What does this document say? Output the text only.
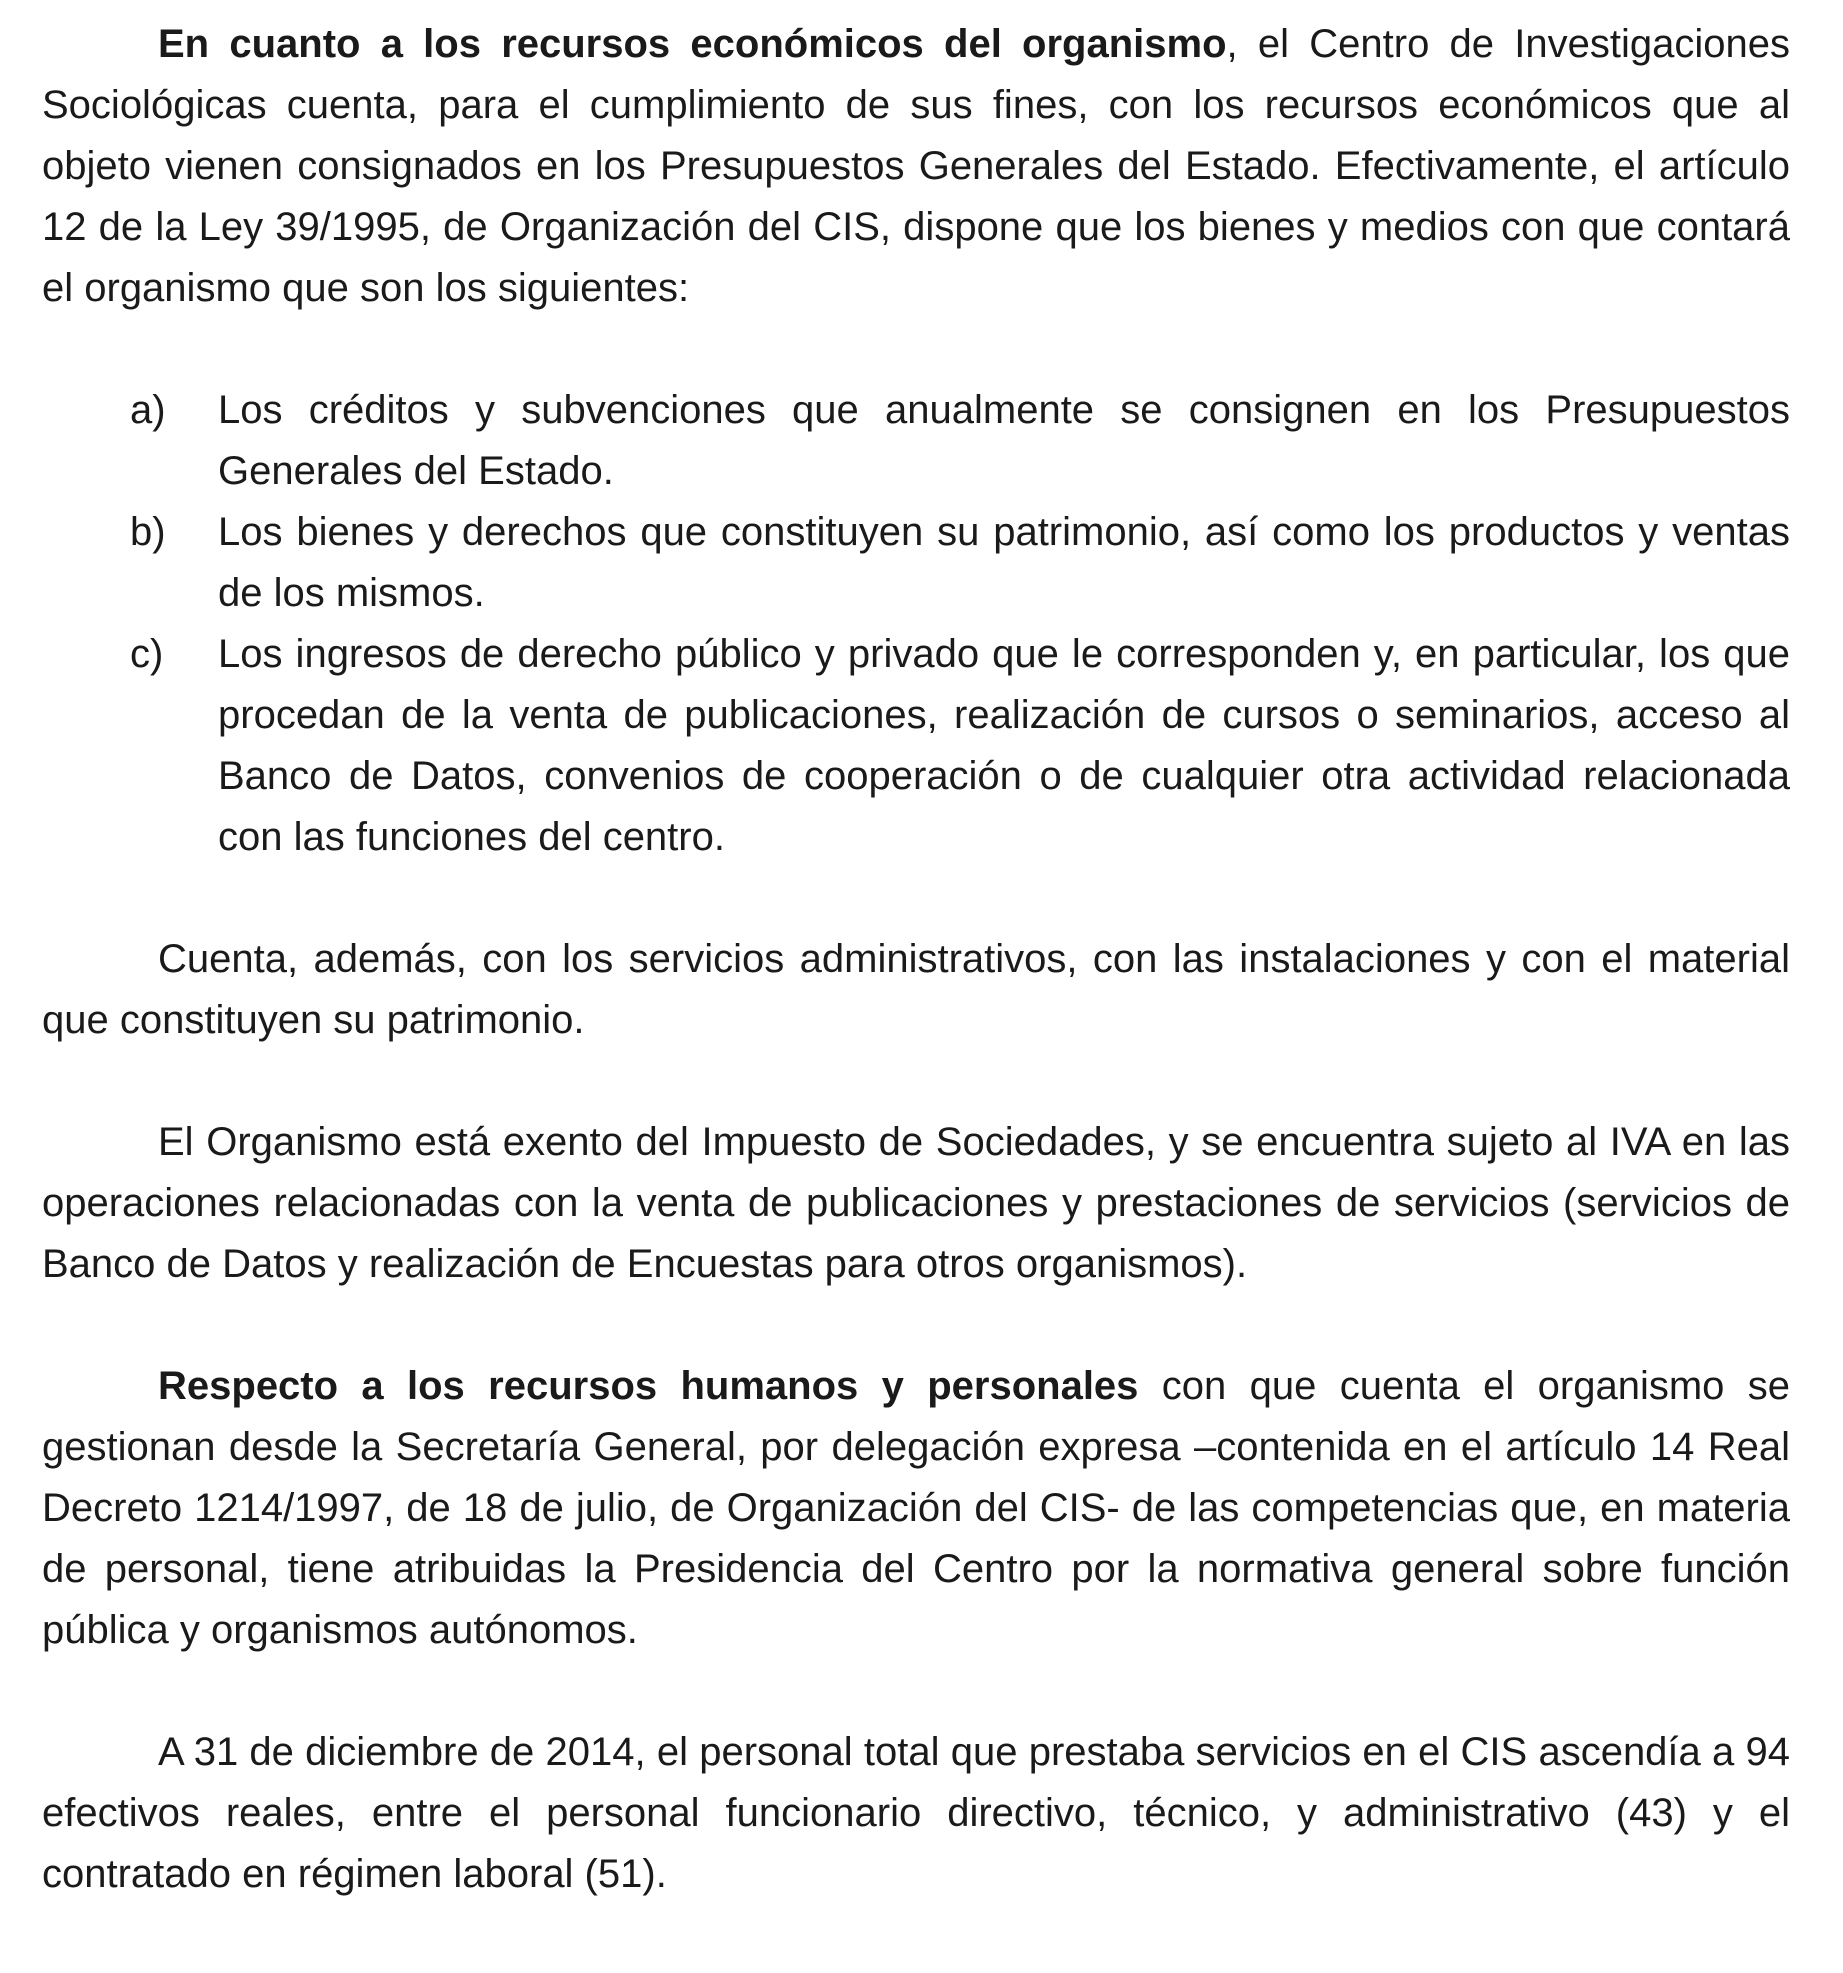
En cuanto a los recursos económicos del organismo, el Centro de Investigaciones Sociológicas cuenta, para el cumplimiento de sus fines, con los recursos económicos que al objeto vienen consignados en los Presupuestos Generales del Estado. Efectivamente, el artículo 12 de la Ley 39/1995, de Organización del CIS, dispone que los bienes y medios con que contará el organismo que son los siguientes:

a) Los créditos y subvenciones que anualmente se consignen en los Presupuestos Generales del Estado.
b) Los bienes y derechos que constituyen su patrimonio, así como los productos y ventas de los mismos.
c) Los ingresos de derecho público y privado que le corresponden y, en particular, los que procedan de la venta de publicaciones, realización de cursos o seminarios, acceso al Banco de Datos, convenios de cooperación o de cualquier otra actividad relacionada con las funciones del centro.

Cuenta, además, con los servicios administrativos, con las instalaciones y con el material que constituyen su patrimonio.

El Organismo está exento del Impuesto de Sociedades, y se encuentra sujeto al IVA en las operaciones relacionadas con la venta de publicaciones y prestaciones de servicios (servicios de Banco de Datos y realización de Encuestas para otros organismos).

Respecto a los recursos humanos y personales con que cuenta el organismo se gestionan desde la Secretaría General, por delegación expresa –contenida en el artículo 14 Real Decreto 1214/1997, de 18 de julio, de Organización del CIS- de las competencias que, en materia de personal, tiene atribuidas la Presidencia del Centro por la normativa general sobre función pública y organismos autónomos.

A 31 de diciembre de 2014, el personal total que prestaba servicios en el CIS ascendía a 94 efectivos reales, entre el personal funcionario directivo, técnico, y administrativo (43) y el contratado en régimen laboral (51).
